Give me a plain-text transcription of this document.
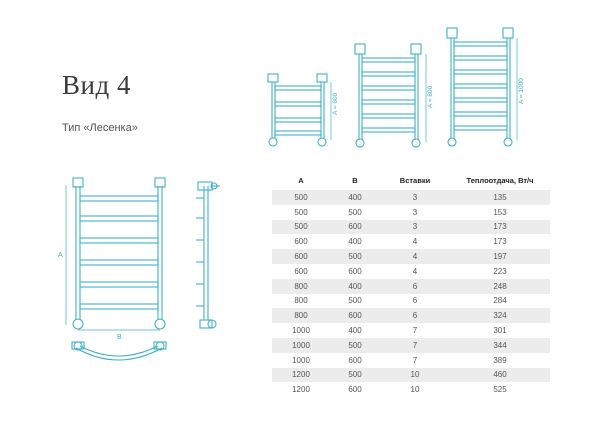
Вид 4
Тип «Лесенка»
A = 600	A = 800	A = 1000
A
B
A	B	Вставки	Теплоотдача, Вт/ч
500	400	3	135
500	500	3	153
500	600	3	173
600	400	4	173
600	500	4	197
600	600	4	223
800	400	6	248
800	500	6	284
800	600	6	324
1000	400	7	301
1000	500	7	344
1000	600	7	389
1200	500	10	460
1200	600	10	525
